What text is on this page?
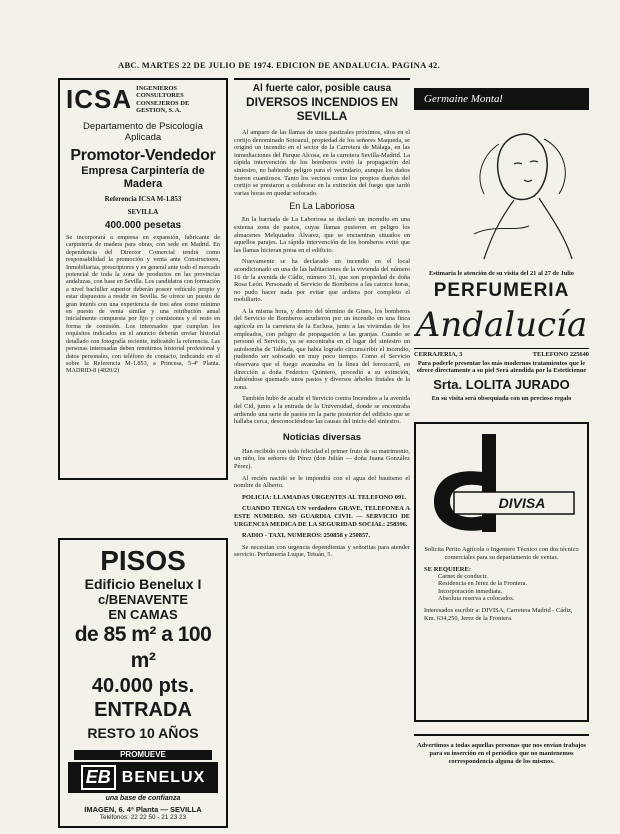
ABC. MARTES 22 DE JULIO DE 1974. EDICION DE ANDALUCIA. PAGINA 42.
ICSA INGENIEROS CONSULTORES CONSEJEROS DE GESTION, S. A.
Departamento de Psicología Aplicada
Promotor-Vendedor
Empresa Carpintería de Madera
Referencia ICSA M-1.853
SEVILLA
400.000 pesetas

Se incorporará a empresa en expansión, fabricante de carpintería de madera para obras, con sede en Madrid. En dependencia del Director Comercial tendrá como responsabilidad la promoción y venta ante Constructores, Inmobiliarias, prescriptores y en general ante todo el mercado potencial de toda la zona de productos en las provincias andaluzas, con base en Sevilla. Los candidatos con formación a nivel bachiller superior deberán poseer vehículo propio y estar dispuestos a residir en Sevilla. Se ofrece un puesto de gran interés con una experiencia de tres años como mínimo en puesto de venta similar y una retribución anual inicialmente compuesta por fijo y comisiones y el resto en forma de comisión. Los interesados que cumplan los requisitos indicados en el anuncio deberán enviar historial detallado con fotografía reciente, indicando la referencia. Las personas interesadas deben remitirnos historial profesional y datos personales, con teléfono de contacto, indicando en el sobre la Referencia M-1.853, a Princesa, 5-4º Planta. MADRID-8 (4820/2)

PISOS
Edificio Benelux I
c/BENAVENTE
EN CAMAS
de 85 m² a 100 m²
40.000 pts.
ENTRADA
RESTO 10 AÑOS
PROMUEVE
EB BENELUX
una base de confianza
IMAGEN, 6. 4ª Planta — SEVILLA
Teléfonos: 22 22 50 - 21 23 23
Al fuerte calor, posible causa
DIVERSOS INCENDIOS EN SEVILLA

Al amparo de las llamas de unos pastizales próximos, sitos en el cortijo denominado Sotoazul, propiedad de los señores Maqueda, se originó un incendio en el sector de la Carretera de Málaga, en las inmediaciones del Parque Alcosa, en la carretera Sevilla-Madrid. La rápida intervención de los bomberos evitó la propagación del siniestro, no habiendo peligro para el vecindario, aunque los daños fueron cuantiosos. Tanto los vecinos como los propios dueños del cortijo se prestaron a colaborar en la extinción del fuego que tardó varias horas en quedar sofocado.

En La Laboriosa

En la barriada de La Laboriosa se declaró un incendio en una extensa zona de pastos, cuyas llamas pusieron en peligro los almacenes Melquiades Álvarez, que se encuentran situados en aquellos parajes. La rápida intervención de los bomberos evitó que las llamas hicieran presa en el edificio.

Nuevamente se ha declarado un incendio en el local acondicionado en una de las habitaciones de la vivienda del número 16 de la avenida de Cádiz, número 31, que son propiedad de doña Rosa León. Personado el Servicio de Bomberos a las catorce horas, no pudo hacer nada por evitar que ardiera por completo el mobiliario.

A la misma hora, y dentro del término de Gines, los bomberos del Servicio de Bomberos acudieron por un incendio en una finca agrícola en la carretera de la Esclusa, junto a las viviendas de los empleados, con peligro de propagación a las granjas. Cuando se personó el Servicio, ya se encontraba en el lugar del siniestro un autobomba de Tablada, que había logrado circunscribir el incendio, pudiendo ser sofocado en muy poco tiempo. Como el Servicio observara que el fuego avanzaba en la línea del ferrocarril, en dirección a doña Federico Quintero, procedió a su extinción, habiéndose quemado unos pastos y diversos árboles frutales de la zona.

También hubo de acudir el Servicio contra Incendios a la avenida del Cid, junto a la entrada de la Universidad, donde se encontraba ardiendo una serie de pastos en la parte posterior del edificio que se hallaba cerca, desconociéndose las causas del inicio del siniestro.

Noticias diversas

Han recibido con todo felicidad el primer fruto de su matrimonio, un niño, los señores de Pérez (don Julián — doña Juana González Pérez).

Al recién nacido se le impondrá con el agua del bautismo el nombre de Alberto.

POLICIA: LLAMADAS URGENTES AL TELEFONO 091.

CUANDO TENGA UN verdadero GRAVE, TELEFONEA A ESTE NUMERO. SO GUARDIA CIVIL — SERVICIO DE URGENCIA MEDICA DE LA SEGURIDAD SOCIAL: 258396.

RADIO - TAXI, NUMEROS: 250858 y 250857.

Se necesitan con urgencia dependientas y señoritas para atender servicio. Perfumería Luque, Tetuán, 5.

Germaine Montal
Estimaría le atención de su visita del 21 al 27 de Julio
PERFUMERIA
Andalucía
CERRAJERIA, 3	TELEFONO 225640
Para poderle presentar los más modernos tratamientos que le ofrece directamente a su piel Será atendida por la Esteticienne
Srta. LOLITA JURADO
En su visita será obsequiada con un precioso regalo
DIVISA
Solicita Perito Agrícola o Ingeniero Técnico con dos técnico comerciales para su departamento de ventas.
SE REQUIERE:
Carnet de conducir.
Residencia en Jerez de la Frontera.
Incorporación inmediata.
Absoluta reserva a colocados.
Interesados escribir a: DIVISA, Carretera Madrid - Cádiz, Km. 634,250, Jerez de la Frontera.
Advertimos a todas aquellas personas que nos envían trabajos para su inserción en el periódico que no mantenemos correspondencia alguna de los mismos.
